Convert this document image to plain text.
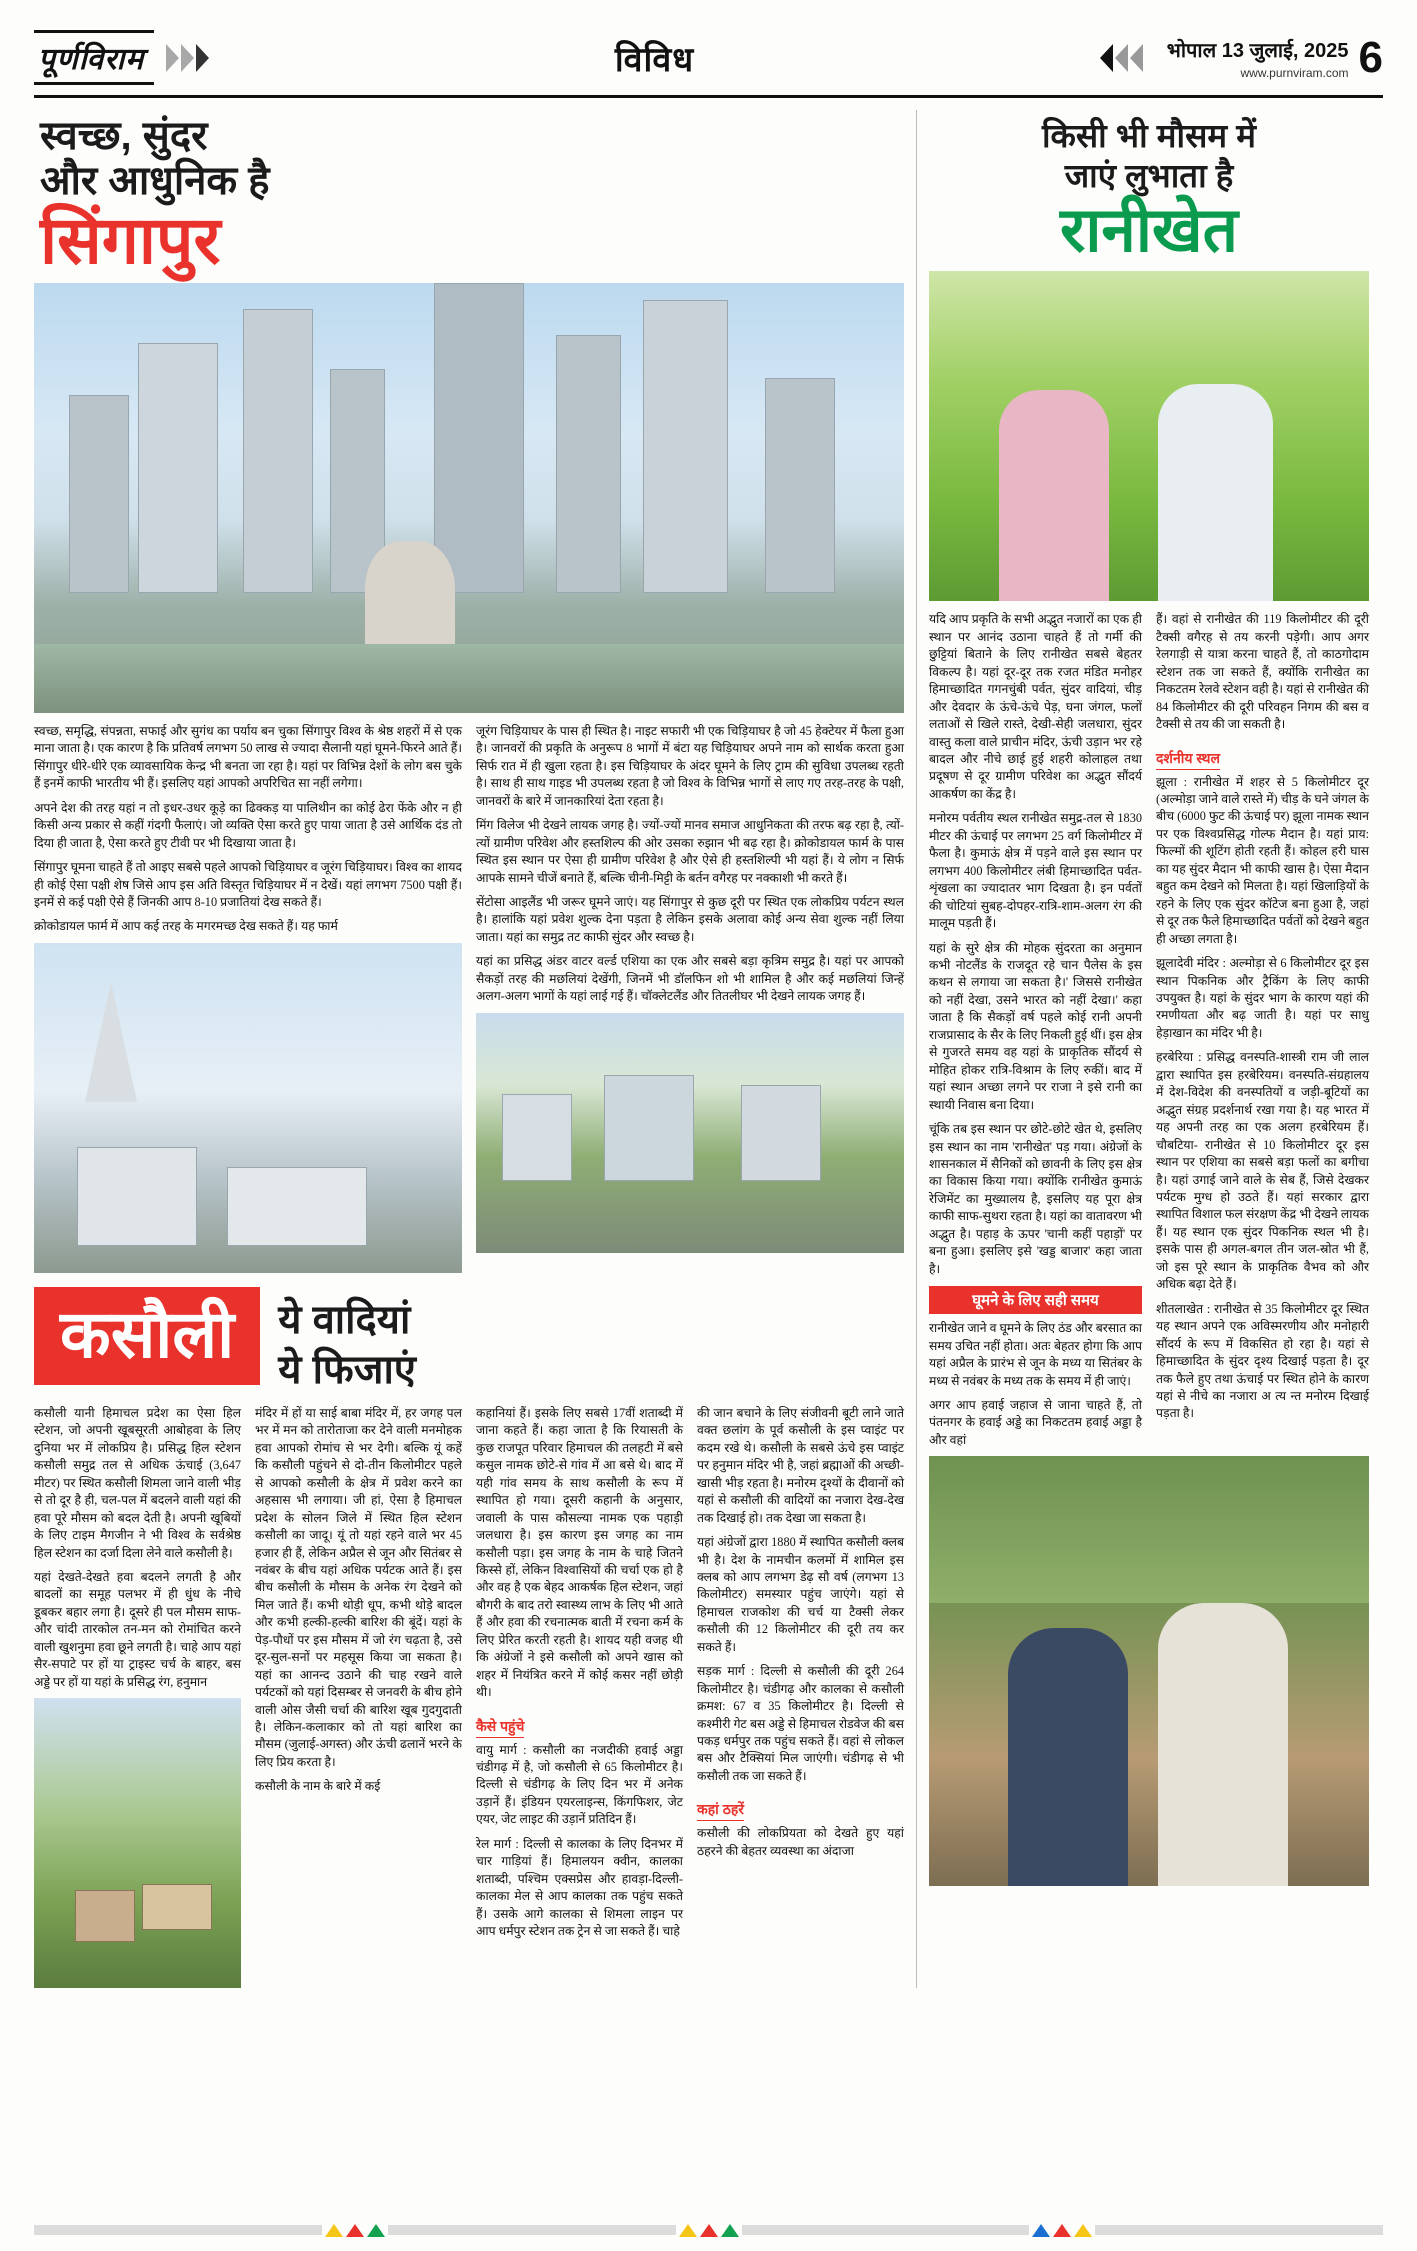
पूर्णविराम	विविध	भोपाल 13 जुलाई, 2025
www.purnviram.com 6
स्वच्छ, सुंदर
और आधुनिक है
सिंगापुर

स्वच्छ, समृद्धि, संपन्नता, सफाई और सुगंध का पर्याय बन चुका सिंगापुर विश्व के श्रेष्ठ शहरों में से एक माना जाता है। एक कारण है कि प्रतिवर्ष लगभग 50 लाख से ज्यादा सैलानी यहां घूमने-फिरने आते हैं। सिंगापुर धीरे-धीरे एक व्यावसायिक केन्द्र भी बनता जा रहा है। यहां पर विभिन्न देशों के लोग बस चुके हैं इनमें काफी भारतीय भी हैं। इसलिए यहां आपको अपरिचित सा नहीं लगेगा।

अपने देश की तरह यहां न तो इधर-उधर कूड़े का ढिक्कड़ या पालिथीन का कोई ढेरा फेंके और न ही किसी अन्य प्रकार से कहीं गंदगी फैलाएं। जो व्यक्ति ऐसा करते हुए पाया जाता है उसे आर्थिक दंड तो दिया ही जाता है, ऐसा करते हुए टीवी पर भी दिखाया जाता है।

सिंगापुर घूमना चाहते हैं तो आइए सबसे पहले आपको चिड़ियाघर व जूरंग चिड़ियाघर। विश्व का शायद ही कोई ऐसा पक्षी शेष जिसे आप इस अति विस्तृत चिड़ियाघर में न देखें। यहां लगभग 7500 पक्षी हैं। इनमें से कई पक्षी ऐसे हैं जिनकी आप 8-10 प्रजातियां देख सकते हैं।

क्रोकोडायल फार्म में आप कई तरह के मगरमच्छ देख सकते हैं। यह फार्म

जूरंग चिड़ियाघर के पास ही स्थित है। नाइट सफारी भी एक चिड़ियाघर है जो 45 हेक्टेयर में फैला हुआ है। जानवरों की प्रकृति के अनुरूप 8 भागों में बंटा यह चिड़ियाघर अपने नाम को सार्थक करता हुआ सिर्फ रात में ही खुला रहता है। इस चिड़ियाघर के अंदर घूमने के लिए ट्राम की सुविधा उपलब्ध रहती है। साथ ही साथ गाइड भी उपलब्ध रहता है जो विश्व के विभिन्न भागों से लाए गए तरह-तरह के पक्षी, जानवरों के बारे में जानकारियां देता रहता है।

मिंग विलेज भी देखने लायक जगह है। ज्यों-ज्यों मानव समाज आधुनिकता की तरफ बढ़ रहा है, त्यों-त्यों ग्रामीण परिवेश और हस्तशिल्प की ओर उसका रुझान भी बढ़ रहा है। क्रोकोडायल फार्म के पास स्थित इस स्थान पर ऐसा ही ग्रामीण परिवेश है और ऐसे ही हस्तशिल्पी भी यहां हैं। ये लोग न सिर्फ आपके सामने चीजें बनाते हैं, बल्कि चीनी-मिट्टी के बर्तन वगैरह पर नक्काशी भी करते हैं।

सेंटोसा आइलैंड भी जरूर घूमने जाएं। यह सिंगापुर से कुछ दूरी पर स्थित एक लोकप्रिय पर्यटन स्थल है। हालांकि यहां प्रवेश शुल्क देना पड़ता है लेकिन इसके अलावा कोई अन्य सेवा शुल्क नहीं लिया जाता। यहां का समुद्र तट काफी सुंदर और स्वच्छ है।

यहां का प्रसिद्ध अंडर वाटर वर्ल्ड एशिया का एक और सबसे बड़ा कृत्रिम समुद्र है। यहां पर आपको सैकड़ों तरह की मछलियां देखेंगी, जिनमें भी डॉलफिन शो भी शामिल है और कई मछलियां जिन्हें अलग-अलग भागों के यहां लाई गई हैं। चॉक्लेटलैंड और तितलीघर भी देखने लायक जगह हैं।

कसौली	ये वादियां
ये फिजाएं

कसौली यानी हिमाचल प्रदेश का ऐसा हिल स्टेशन, जो अपनी खूबसूरती आबोहवा के लिए दुनिया भर में लोकप्रिय है। प्रसिद्ध हिल स्टेशन कसौली समुद्र तल से अधिक ऊंचाई (3,647 मीटर) पर स्थित कसौली शिमला जाने वाली भीड़ से तो दूर है ही, चल-पल में बदलने वाली यहां की हवा पूरे मौसम को बदल देती है। अपनी खूबियों के लिए टाइम मैगजीन ने भी विश्व के सर्वश्रेष्ठ हिल स्टेशन का दर्जा दिला लेने वाले कसौली है।

यहां देखते-देखते हवा बदलने लगती है और बादलों का समूह पलभर में ही धुंध के नीचे डूबकर बहार लगा है। दूसरे ही पल मौसम साफ-और चांदी तारकोल तन-मन को रोमांचित करने वाली खुशनुमा हवा छूने लगती है। चाहे आप यहां सैर-सपाटे पर हों या ट्राइस्ट चर्च के बाहर, बस अड्डे पर हों या यहां के प्रसिद्ध रंग, हनुमान

मंदिर में हों या साई बाबा मंदिर में, हर जगह पल भर में मन को तारोताजा कर देने वाली मनमोहक हवा आपको रोमांच से भर देगी। बल्कि यूं कहें कि कसौली पहुंचने से दो-तीन किलोमीटर पहले से आपको कसौली के क्षेत्र में प्रवेश करने का अहसास भी लगाया। जी हां, ऐसा है हिमाचल प्रदेश के सोलन जिले में स्थित हिल स्टेशन कसौली का जादू। यूं तो यहां रहने वाले भर 45 हजार ही हैं, लेकिन अप्रैल से जून और सितंबर से नवंबर के बीच यहां अधिक पर्यटक आते हैं। इस बीच कसौली के मौसम के अनेक रंग देखने को मिल जाते हैं। कभी थोड़ी धूप, कभी थोड़े बादल और कभी हल्की-हल्की बारिश की बूंदें। यहां के पेड़-पौधों पर इस मौसम में जो रंग चढ़ता है, उसे दूर-सुल-सनों पर महसूस किया जा सकता है। यहां का आनन्द उठाने की चाह रखने वाले पर्यटकों को यहां दिसम्बर से जनवरी के बीच होने वाली ओस जैसी चर्चा की बारिश खूब गुदगुदाती है। लेकिन-कलाकार को तो यहां बारिश का मौसम (जुलाई-अगस्त) और ऊंची ढलानें भरने के लिए प्रिय करता है।

कसौली के नाम के बारे में कई

कहानियां हैं। इसके लिए सबसे 17वीं शताब्दी में जाना कहते हैं। कहा जाता है कि रियासती के कुछ राजपूत परिवार हिमाचल की तलहटी में बसे कसुल नामक छोटे-से गांव में आ बसे थे। बाद में यही गांव समय के साथ कसौली के रूप में स्थापित हो गया। दूसरी कहानी के अनुसार, जवाली के पास कौसल्या नामक एक पहाड़ी जलधारा है। इस कारण इस जगह का नाम कसौली पड़ा। इस जगह के नाम के चाहे जितने किस्से हों, लेकिन विश्वासियों की चर्चा एक हो है और वह है एक बेहद आकर्षक हिल स्टेशन, जहां बौगरी के बाद तरो स्वास्थ्य लाभ के लिए भी आते हैं और हवा की रचनात्मक बाती में रचना कर्म के लिए प्रेरित करती रहती है। शायद यही वजह थी कि अंग्रेजों ने इसे कसौली को अपने खास को शहर में नियंत्रित करने में कोई कसर नहीं छोड़ी थी।

कैसे पहुंचे

वायु मार्ग : कसौली का नजदीकी हवाई अड्डा चंडीगढ़ में है, जो कसौली से 65 किलोमीटर है। दिल्ली से चंडीगढ़ के लिए दिन भर में अनेक उड़ानें हैं। इंडियन एयरलाइन्स, किंगफिशर, जेट एयर, जेट लाइट की उड़ानें प्रतिदिन हैं।

रेल मार्ग : दिल्ली से कालका के लिए दिनभर में चार गाड़ियां हैं। हिमालयन क्वीन, कालका शताब्दी, पश्चिम एक्सप्रेस और हावड़ा-दिल्ली-कालका मेल से आप कालका तक पहुंच सकते हैं। उसके आगे कालका से शिमला लाइन पर आप धर्मपुर स्टेशन तक ट्रेन से जा सकते हैं। चाहे

की जान बचाने के लिए संजीवनी बूटी लाने जाते वक्त छलांग के पूर्व कसौली के इस प्वाइंट पर कदम रखे थे। कसौली के सबसे ऊंचे इस प्वाइंट पर हनुमान मंदिर भी है, जहां ब्रह्माओं की अच्छी-खासी भीड़ रहता है। मनोरम दृश्यों के दीवानों को यहां से कसौली की वादियों का नजारा देख-देख तक दिखाई हो। तक देखा जा सकता है।

यहां अंग्रेजों द्वारा 1880 में स्थापित कसौली क्लब भी है। देश के नामचीन कलमों में शामिल इस क्लब को आप लगभग डेढ़ सौ वर्ष (लगभग 13 किलोमीटर) समस्यार पहुंच जाएंगे। यहां से हिमाचल राजकोश की चर्च या टैक्सी लेकर कसौली की 12 किलोमीटर की दूरी तय कर सकते हैं।

सड़क मार्ग : दिल्ली से कसौली की दूरी 264 किलोमीटर है। चंडीगढ़ और कालका से कसौली क्रमश: 67 व 35 किलोमीटर है। दिल्ली से कश्मीरी गेट बस अड्डे से हिमाचल रोडवेज की बस पकड़ धर्मपुर तक पहुंच सकते हैं। वहां से लोकल बस और टैक्सियां मिल जाएंगी। चंडीगढ़ से भी कसौली तक जा सकते हैं।

कहां ठहरें

कसौली की लोकप्रियता को देखते हुए यहां ठहरने की बेहतर व्यवस्था का अंदाजा

किसी भी मौसम में
जाएं लुभाता है
रानीखेत

यदि आप प्रकृति के सभी अद्भुत नजारों का एक ही स्थान पर आनंद उठाना चाहते हैं तो गर्मी की छुट्टियां बिताने के लिए रानीखेत सबसे बेहतर विकल्प है। यहां दूर-दूर तक रजत मंडित मनोहर हिमाच्छादित गगनचुंबी पर्वत, सुंदर वादियां, चीड़ और देवदार के ऊंचे-ऊंचे पेड़, घना जंगल, फलों लताओं से खिले रास्ते, देखी-सेही जलधारा, सुंदर वास्तु कला वाले प्राचीन मंदिर, ऊंची उड़ान भर रहे बादल और नीचे छाई हुई शहरी कोलाहल तथा प्रदूषण से दूर ग्रामीण परिवेश का अद्भुत सौंदर्य आकर्षण का केंद्र है।

मनोरम पर्वतीय स्थल रानीखेत समुद्र-तल से 1830 मीटर की ऊंचाई पर लगभग 25 वर्ग किलोमीटर में फैला है। कुमाऊं क्षेत्र में पड़ने वाले इस स्थान पर लगभग 400 किलोमीटर लंबी हिमाच्छादित पर्वत-शृंखला का ज्यादातर भाग दिखता है। इन पर्वतों की चोटियां सुबह-दोपहर-रात्रि-शाम-अलग रंग की मालूम पड़ती हैं।

यहां के सुरे क्षेत्र की मोहक सुंदरता का अनुमान कभी नोटलैंड के राजदूत रहे चान पैलेस के इस कथन से लगाया जा सकता है।' जिससे रानीखेत को नहीं देखा, उसने भारत को नहीं देखा।' कहा जाता है कि सैकड़ों वर्ष पहले कोई रानी अपनी राजप्रासाद के सैर के लिए निकली हुई थीं। इस क्षेत्र से गुजरते समय वह यहां के प्राकृतिक सौंदर्य से मोहित होकर रात्रि-विश्राम के लिए रुकीं। बाद में यहां स्थान अच्छा लगने पर राजा ने इसे रानी का स्थायी निवास बना दिया।

चूंकि तब इस स्थान पर छोटे-छोटे खेत थे, इसलिए इस स्थान का नाम 'रानीखेत' पड़ गया। अंग्रेजों के शासनकाल में सैनिकों को छावनी के लिए इस क्षेत्र का विकास किया गया। क्योंकि रानीखेत कुमाऊं रेजिमेंट का मुख्यालय है, इसलिए यह पूरा क्षेत्र काफी साफ-सुथरा रहता है। यहां का वातावरण भी अद्भुत है। पहाड़ के ऊपर 'चानी कहीं पहाड़ों' पर बना हुआ। इसलिए इसे 'खड्ड बाजार' कहा जाता है।

घूमने के लिए सही समय

रानीखेत जाने व घूमने के लिए ठंड और बरसात का समय उचित नहीं होता। अतः बेहतर होगा कि आप यहां अप्रैल के प्रारंभ से जून के मध्य या सितंबर के मध्य से नवंबर के मध्य तक के समय में ही जाएं।

अगर आप हवाई जहाज से जाना चाहते हैं, तो पंतनगर के हवाई अड्डे का निकटतम हवाई अड्डा है और वहां

हैं। वहां से रानीखेत की 119 किलोमीटर की दूरी टैक्सी वगैरह से तय करनी पड़ेगी। आप अगर रेलगाड़ी से यात्रा करना चाहते हैं, तो काठगोदाम स्टेशन तक जा सकते हैं, क्योंकि रानीखेत का निकटतम रेलवे स्टेशन वही है। यहां से रानीखेत की 84 किलोमीटर की दूरी परिवहन निगम की बस व टैक्सी से तय की जा सकती है।

दर्शनीय स्थल

झूला : रानीखेत में शहर से 5 किलोमीटर दूर (अल्मोड़ा जाने वाले रास्ते में) चीड़ के घने जंगल के बीच (6000 फुट की ऊंचाई पर) झूला नामक स्थान पर एक विश्वप्रसिद्ध गोल्फ मैदान है। यहां प्राय: फिल्मों की शूटिंग होती रहती हैं। कोहल हरी घास का यह सुंदर मैदान भी काफी खास है। ऐसा मैदान बहुत कम देखने को मिलता है। यहां खिलाड़ियों के रहने के लिए एक सुंदर कॉटेज बना हुआ है, जहां से दूर तक फैले हिमाच्छादित पर्वतों को देखने बहुत ही अच्छा लगता है।

झूलादेवी मंदिर : अल्मोड़ा से 6 किलोमीटर दूर इस स्थान पिकनिक और ट्रैकिंग के लिए काफी उपयुक्त है। यहां के सुंदर भाग के कारण यहां की रमणीयता और बढ़ जाती है। यहां पर साधु हेड़ाखान का मंदिर भी है।

हरबेरिया : प्रसिद्ध वनस्पति-शास्त्री राम जी लाल द्वारा स्थापित इस हरबेरियम। वनस्पति-संग्रहालय में देश-विदेश की वनस्पतियों व जड़ी-बूटियों का अद्भुत संग्रह प्रदर्शनार्थ रखा गया है। यह भारत में यह अपनी तरह का एक अलग हरबेरियम हैं। चौबटिया- रानीखेत से 10 किलोमीटर दूर इस स्थान पर एशिया का सबसे बड़ा फलों का बगीचा है। यहां उगाई जाने वाले के सेब हैं, जिसे देखकर पर्यटक मुग्ध हो उठते हैं। यहां सरकार द्वारा स्थापित विशाल फल संरक्षण केंद्र भी देखने लायक हैं। यह स्थान एक सुंदर पिकनिक स्थल भी है। इसके पास ही अगल-बगल तीन जल-स्रोत भी हैं, जो इस पूरे स्थान के प्राकृतिक वैभव को और अधिक बढ़ा देते हैं।

शीतलाखेत : रानीखेत से 35 किलोमीटर दूर स्थित यह स्थान अपने एक अविस्मरणीय और मनोहारी सौंदर्य के रूप में विकसित हो रहा है। यहां से हिमाच्छादित के सुंदर दृश्य दिखाई पड़ता है। दूर तक फैले हुए तथा ऊंचाई पर स्थित होने के कारण यहां से नीचे का नजारा अ त्य न्त मनोरम दिखाई पड़ता है।
